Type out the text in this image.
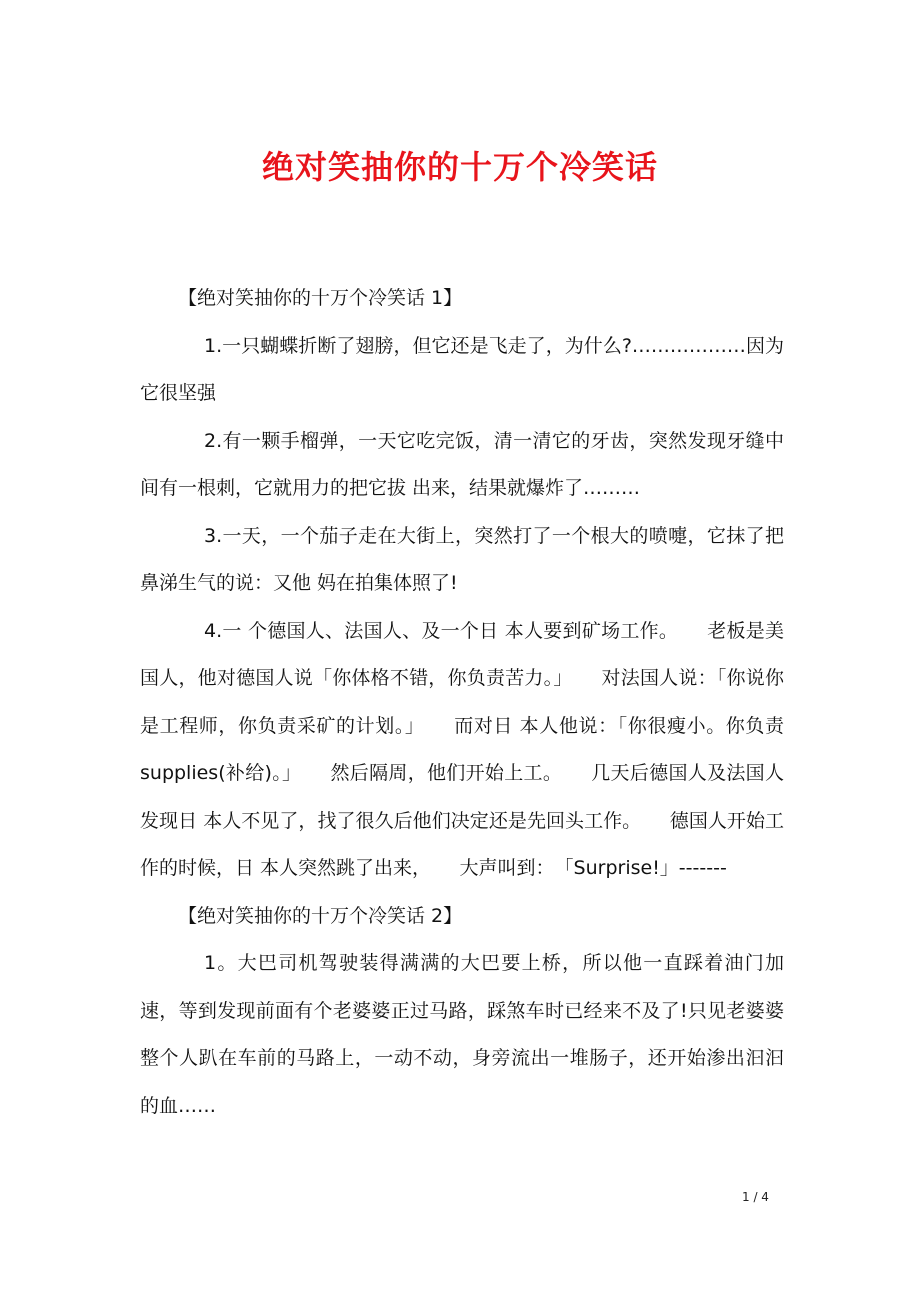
绝对笑抽你的十万个冷笑话

【绝对笑抽你的十万个冷笑话 1】

1.一只蝴蝶折断了翅膀，但它还是飞走了，为什么?………………因为它很坚强

2.有一颗手榴弹，一天它吃完饭，清一清它的牙齿，突然发现牙缝中间有一根刺，它就用力的把它拔 出来，结果就爆炸了………

3.一天，一个茄子走在大街上，突然打了一个根大的喷嚏，它抹了把鼻涕生气的说：又他 妈在拍集体照了!

4.一 个德国人、法国人、及一个日 本人要到矿场工作。　　老板是美国人，他对德国人说「你体格不错，你负责苦力。」　　对法国人说：「你说你是工程师，你负责采矿的计划。」　　而对日 本人他说：「你很瘦小。你负责 supplies(补给)。」　　然后隔周，他们开始上工。　　几天后德国人及法国人发现日 本人不见了，找了很久后他们决定还是先回头工作。　　德国人开始工作的时候，日 本人突然跳了出来，　　大声叫到：　「Surprise!」-------

【绝对笑抽你的十万个冷笑话 2】

1。大巴司机驾驶装得满满的大巴要上桥，所以他一直踩着油门加速，等到发现前面有个老婆婆正过马路，踩煞车时已经来不及了!只见老婆婆整个人趴在车前的马路上，一动不动，身旁流出一堆肠子，还开始渗出汩汩的血……

1 / 4
